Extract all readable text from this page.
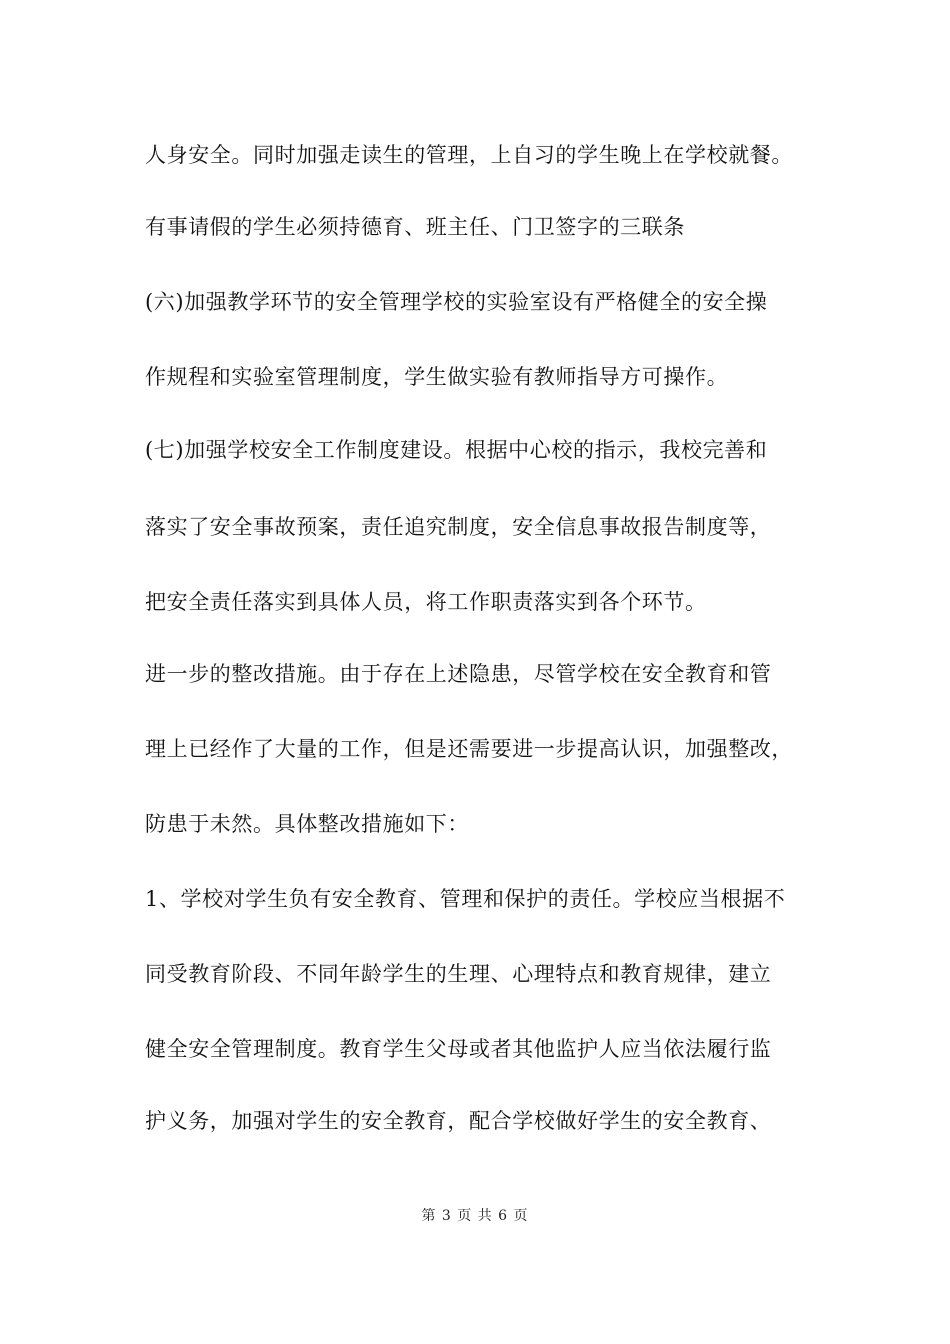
人身安全。同时加强走读生的管理，上自习的学生晚上在学校就餐。
有事请假的学生必须持德育、班主任、门卫签字的三联条
(六)加强教学环节的安全管理学校的实验室设有严格健全的安全操
作规程和实验室管理制度，学生做实验有教师指导方可操作。
(七)加强学校安全工作制度建设。根据中心校的指示，我校完善和
落实了安全事故预案，责任追究制度，安全信息事故报告制度等，
把安全责任落实到具体人员，将工作职责落实到各个环节。
进一步的整改措施。由于存在上述隐患，尽管学校在安全教育和管
理上已经作了大量的工作，但是还需要进一步提高认识，加强整改，
防患于未然。具体整改措施如下：
1、学校对学生负有安全教育、管理和保护的责任。学校应当根据不
同受教育阶段、不同年龄学生的生理、心理特点和教育规律，建立
健全安全管理制度。教育学生父母或者其他监护人应当依法履行监
护义务，加强对学生的安全教育，配合学校做好学生的安全教育、
第 3 页 共 6 页
